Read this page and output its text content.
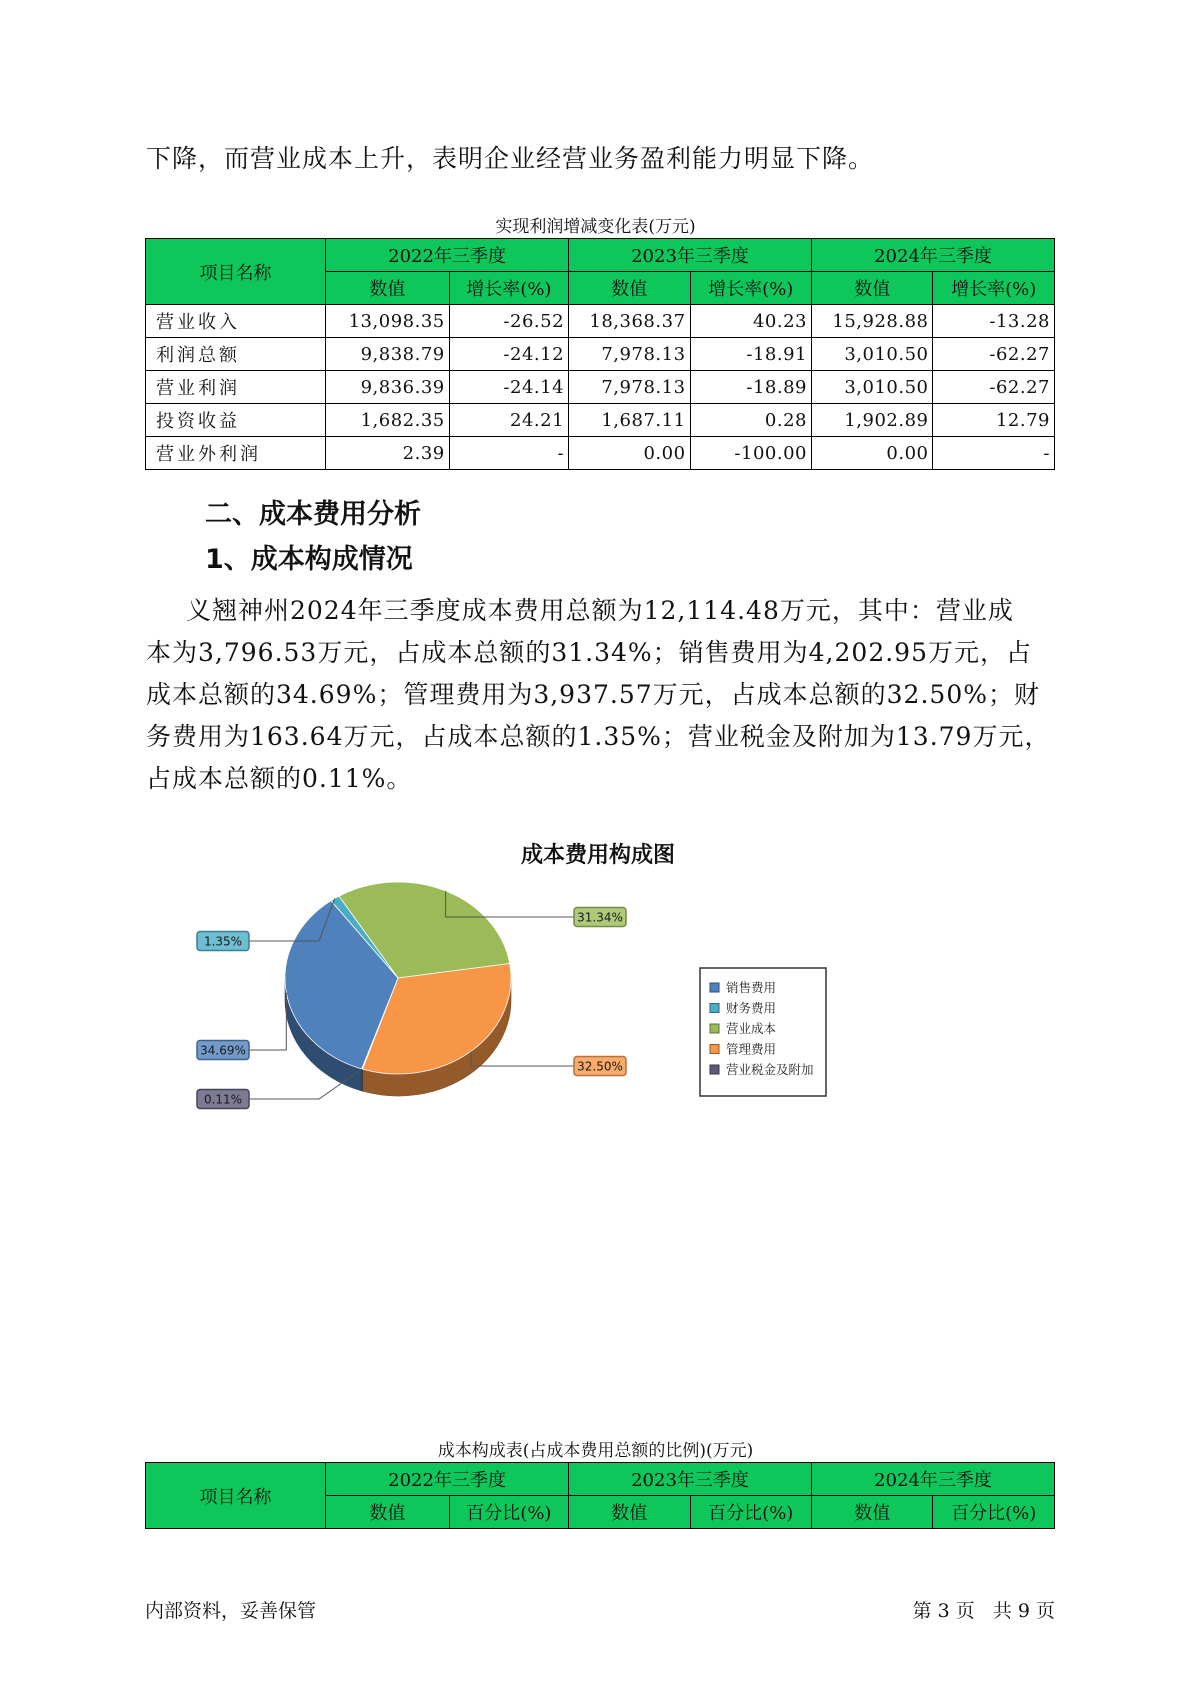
下降，而营业成本上升，表明企业经营业务盈利能力明显下降。
实现利润增减变化表(万元)
项目名称	2022年三季度		2023年三季度		2024年三季度	
	数值	增长率(%)	数值	增长率(%)	数值	增长率(%)
营业收入	13,098.35	-26.52	18,368.37	40.23	15,928.88	-13.28
利润总额	9,838.79	-24.12	7,978.13	-18.91	3,010.50	-62.27
营业利润	9,836.39	-24.14	7,978.13	-18.89	3,010.50	-62.27
投资收益	1,682.35	24.21	1,687.11	0.28	1,902.89	12.79
营业外利润	2.39	-	0.00	-100.00	0.00	-
二、成本费用分析
1、成本构成情况
义翘神州2024年三季度成本费用总额为12,114.48万元，其中：营业成
本为3,796.53万元，占成本总额的31.34%；销售费用为4,202.95万元，占
成本总额的34.69%；管理费用为3,937.57万元，占成本总额的32.50%；财
务费用为163.64万元，占成本总额的1.35%；营业税金及附加为13.79万元，
占成本总额的0.11%。
成本费用构成图
31.34%
32.50%
0.11%
34.69%
1.35%
销售费用
财务费用
营业成本
管理费用
营业税金及附加
成本构成表(占成本费用总额的比例)(万元)
项目名称	2022年三季度		2023年三季度		2024年三季度	
	数值	百分比(%)	数值	百分比(%)	数值	百分比(%)
内部资料，妥善保管	第 3 页   共 9 页
